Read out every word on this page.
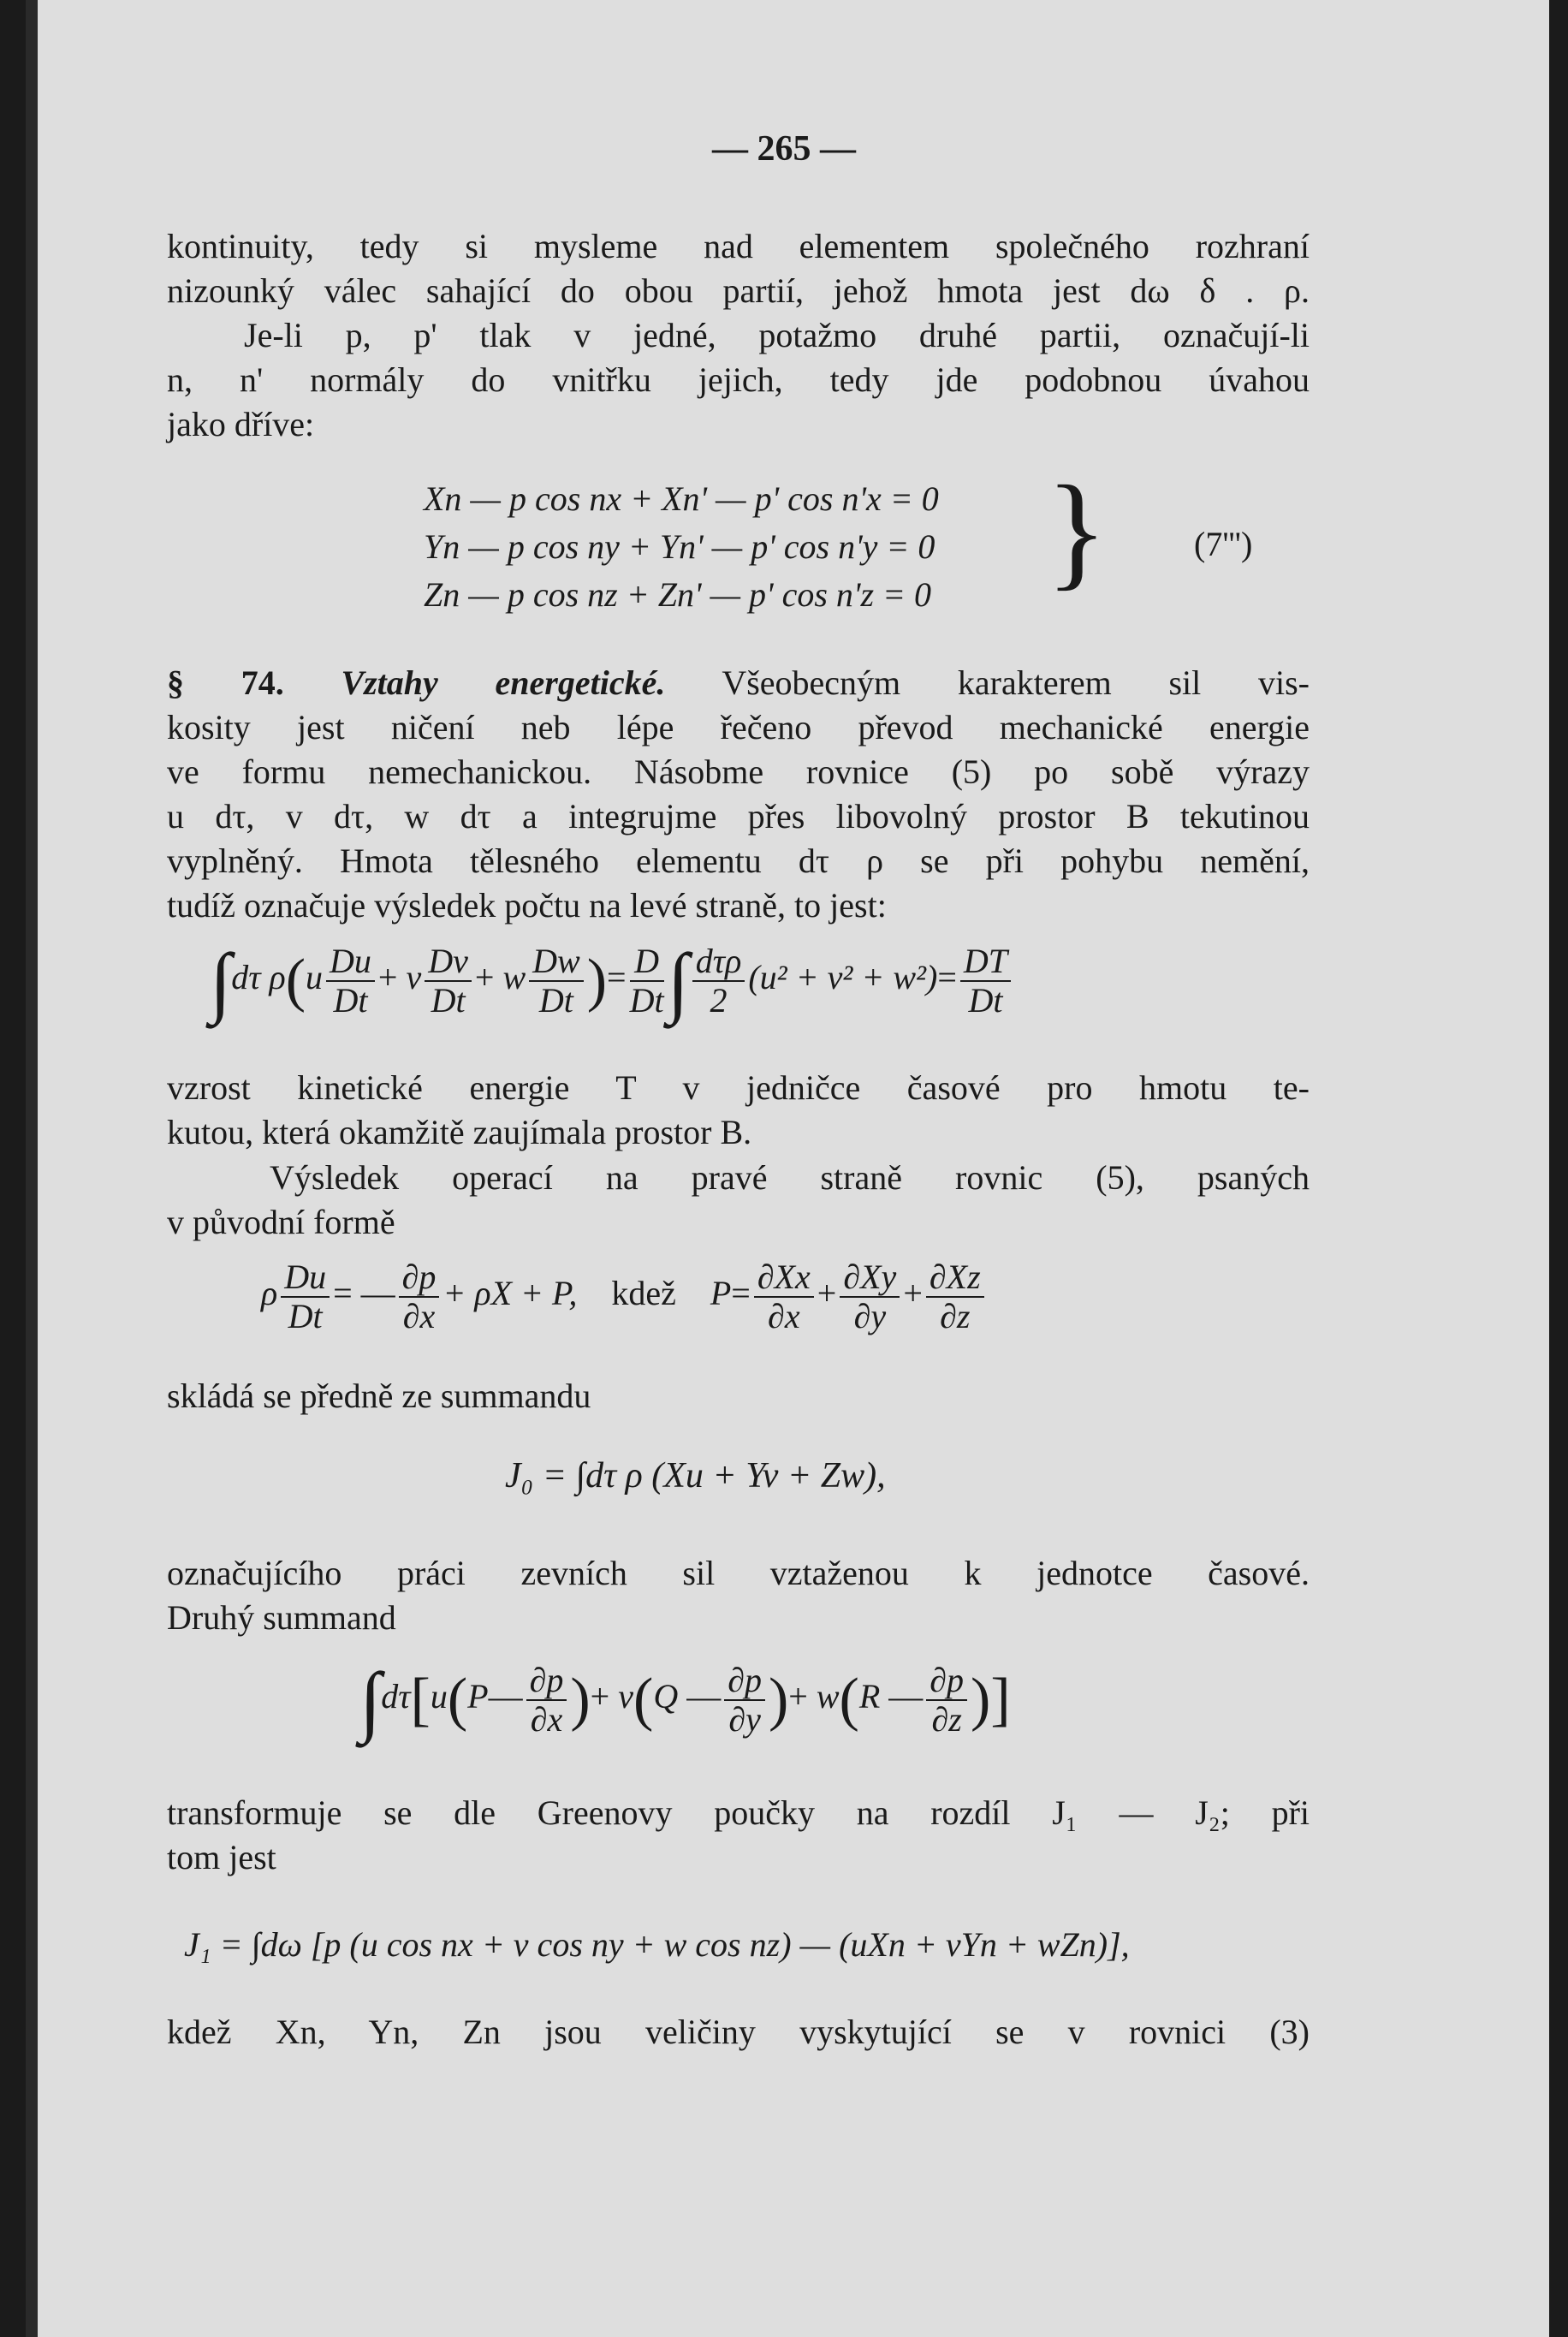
— 265 —
kontinuity, tedy si mysleme nad elementem společného rozhraní
nizounký válec sahající do obou partií, jehož hmota jest dω δ . ρ.
Je-li p, p' tlak v jedné, potažmo druhé partii, označují-li
n, n' normály do vnitřku jejich, tedy jde podobnou úvahou
jako dříve:
Xn — p cos nx + Xn' — p' cos n'x = 0
Yn — p cos ny + Yn' — p' cos n'y = 0
Zn — p cos nz + Zn' — p' cos n'z = 0 }	(7''')
§ 74. Vztahy energetické. Všeobecným karakterem sil vis-
kosity jest ničení neb lépe řečeno převod mechanické energie
ve formu nemechanickou. Násobme rovnice (5) po sobě výrazy
u dτ, v dτ, w dτ a integrujme přes libovolný prostor B tekutinou
vyplněný. Hmota tělesného elementu dτ ρ se při pohybu nemění,
tudíž označuje výsledek počtu na levé straně, to jest:
∫dτ $\rho(u \frac{Du}{Dt} + v \frac{Dv}{Dt} + w \frac{Dw}{Dt}$ )= $\frac{D}{Dt}$ ∫ $\frac{\text{dτρ}}{2} (u^2 + v^2 + w^2)= \frac{DT}{Dt}$
vzrost kinetické energie T v jedničce časové pro hmotu te-
kutou, která okamžitě zaujímala prostor B.
Výsledek operací na pravé straně rovnic (5), psaných
v původní formě
ρ $\frac{Du}{Dt}$ = — $\frac{\partial p}{\partial x} + \rho X + P$, kdež $P= \frac{\partial Xx}{\partial x} + \frac{\partial Xy}{\partial y} + \frac{\partial Xz}{\partial z}$
skládá se předně ze summandu
J₀ = ∫dτ ρ (Xu + Yv + Zw),
označujícího práci zevních sil vztaženou k jednotce časové.
Druhý summand
∫dτ[u(P— $\frac{\partial p}{\partial x}$ )+ v(Q — $\frac{\partial p}{\partial y}$ )+ w(R — $\frac{\partial p}{\partial z}$ )]
transformuje se dle Greenovy poučky na rozdíl J₁ — J₂; při
tom jest
J₁ = ∫dω [p (u cos nx + v cos ny + w cos nz) — (uXn + vYn + wZn)],
kdež Xn, Yn, Zn jsou veličiny vyskytující se v rovnici (3)
